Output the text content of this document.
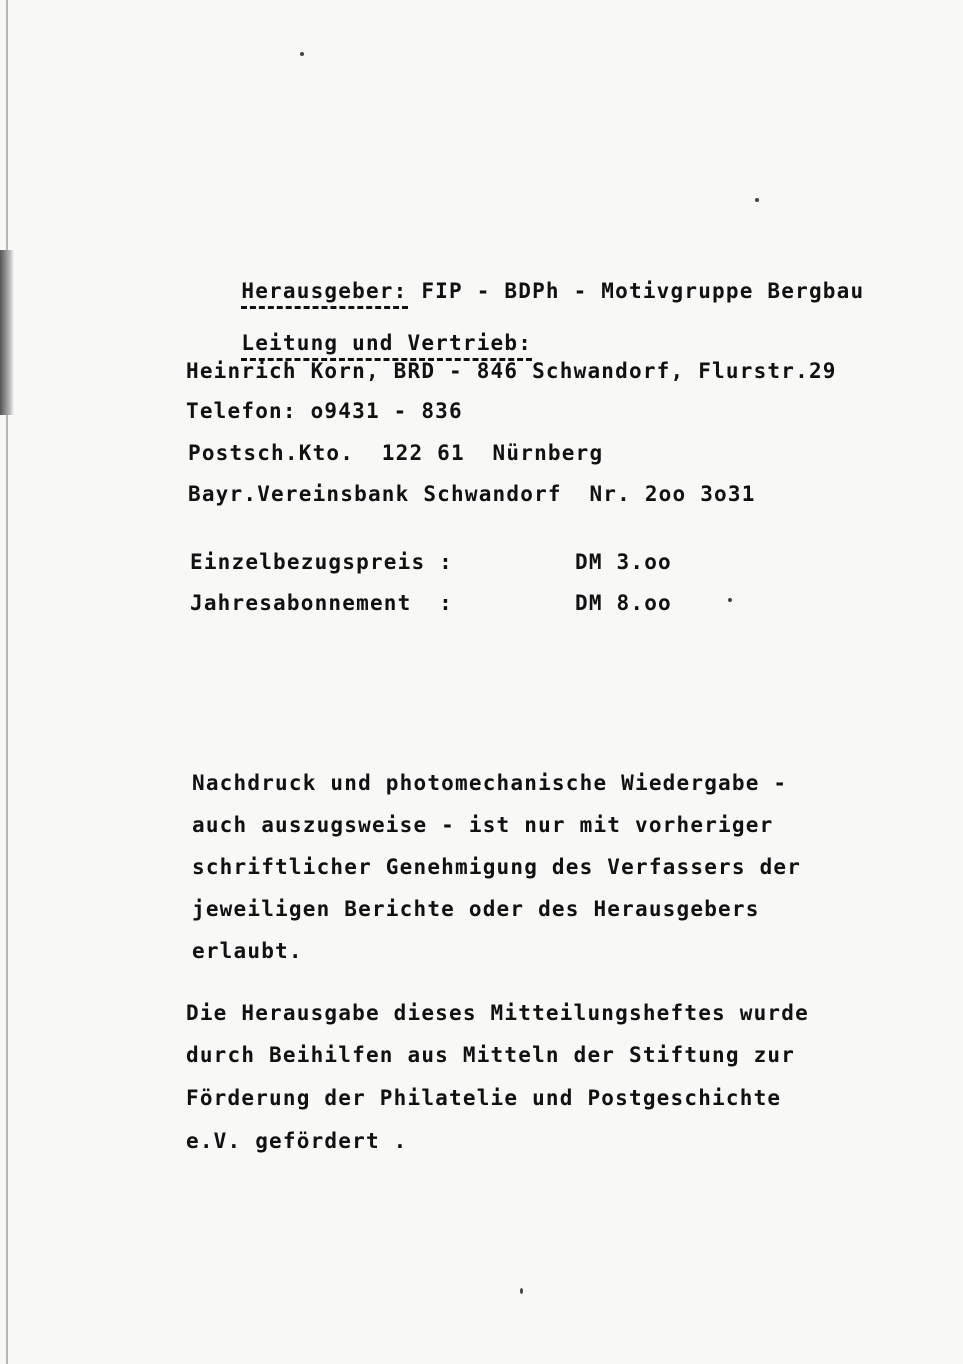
Herausgeber: FIP - BDPh - Motivgruppe Bergbau

Leitung und Vertrieb:

Heinrich Korn, BRD - 846 Schwandorf, Flurstr.29
Telefon: o9431 - 836
Postsch.Kto.  122 61  Nürnberg
Bayr.Vereinsbank Schwandorf  Nr. 2oo 3o31
Einzelbezugspreis :	DM 3.oo
Jahresabonnement  :	DM 8.oo
Nachdruck und photomechanische Wiedergabe -
auch auszugsweise - ist nur mit vorheriger
schriftlicher Genehmigung des Verfassers der
jeweiligen Berichte oder des Herausgebers
erlaubt.
Die Herausgabe dieses Mitteilungsheftes wurde
durch Beihilfen aus Mitteln der Stiftung zur
Förderung der Philatelie und Postgeschichte
e.V. gefördert .
